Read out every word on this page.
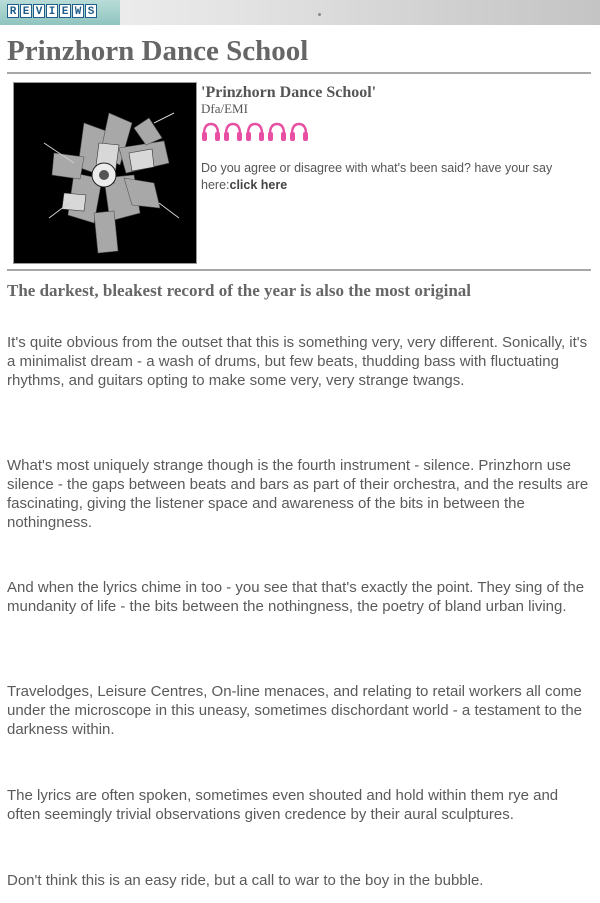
R E V I E W S
Prinzhorn Dance School
'Prinzhorn Dance School'
Dfa/EMI
Do you agree or disagree with what's been said? have your say here:click here
The darkest, bleakest record of the year is also the most original

It's quite obvious from the outset that this is something very, very different. Sonically, it's a minimalist dream - a wash of drums, but few beats, thudding bass with fluctuating rhythms, and guitars opting to make some very, very strange twangs.

What's most uniquely strange though is the fourth instrument - silence. Prinzhorn use silence - the gaps between beats and bars as part of their orchestra, and the results are fascinating, giving the listener space and awareness of the bits in between the nothingness.

And when the lyrics chime in too - you see that that's exactly the point. They sing of the mundanity of life - the bits between the nothingness, the poetry of bland urban living.

Travelodges, Leisure Centres, On-line menaces, and relating to retail workers all come under the microscope in this uneasy, sometimes dischordant world - a testament to the darkness within.

The lyrics are often spoken, sometimes even shouted and hold within them rye and often seemingly trivial observations given credence by their aural sculptures.

Don't think this is an easy ride, but a call to war to the boy in the bubble.
